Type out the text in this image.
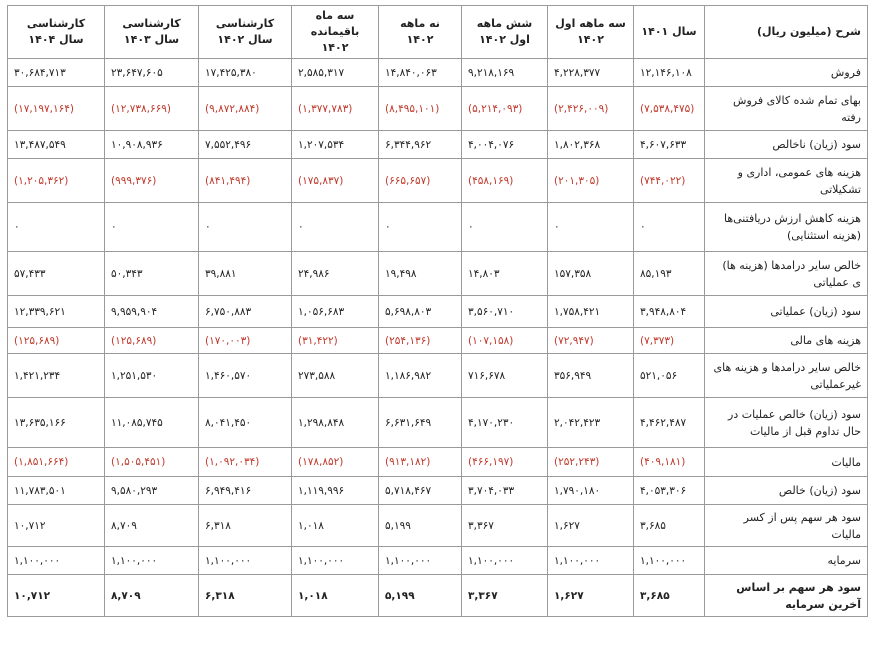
شرح (میلیون ریال)	سال ۱۴۰۱	سه ماهه اول ۱۴۰۲	شش ماهه اول ۱۴۰۲	نه ماهه ۱۴۰۲	سه ماه باقیمانده ۱۴۰۲	کارشناسی سال ۱۴۰۲	کارشناسی سال ۱۴۰۳	کارشناسی سال ۱۴۰۴
فروش	۱۲,۱۴۶,۱۰۸	۴,۲۲۸,۳۷۷	۹,۲۱۸,۱۶۹	۱۴,۸۴۰,۰۶۳	۲,۵۸۵,۳۱۷	۱۷,۴۲۵,۳۸۰	۲۳,۶۴۷,۶۰۵	۳۰,۶۸۴,۷۱۳
بهای تمام شده کالای فروش رفته	(۷,۵۳۸,۴۷۵)	(۲,۴۲۶,۰۰۹)	(۵,۲۱۴,۰۹۳)	(۸,۴۹۵,۱۰۱)	(۱,۳۷۷,۷۸۳)	(۹,۸۷۲,۸۸۴)	(۱۲,۷۳۸,۶۶۹)	(۱۷,۱۹۷,۱۶۴)
سود (زیان) ناخالص	۴,۶۰۷,۶۳۳	۱,۸۰۲,۳۶۸	۴,۰۰۴,۰۷۶	۶,۳۴۴,۹۶۲	۱,۲۰۷,۵۳۴	۷,۵۵۲,۴۹۶	۱۰,۹۰۸,۹۳۶	۱۳,۴۸۷,۵۴۹
هزینه های عمومی، اداری و تشکیلاتی	(۷۴۴,۰۲۲)	(۲۰۱,۳۰۵)	(۴۵۸,۱۶۹)	(۶۶۵,۶۵۷)	(۱۷۵,۸۳۷)	(۸۴۱,۴۹۴)	(۹۹۹,۳۷۶)	(۱,۲۰۵,۳۶۲)
هزینه کاهش ارزش دریافتنی‌ها (هزینه استثنایی)	۰	۰	۰	۰	۰	۰	۰	۰
خالص سایر درامدها (هزینه ها) ی عملیاتی	۸۵,۱۹۳	۱۵۷,۳۵۸	۱۴,۸۰۳	۱۹,۴۹۸	۲۴,۹۸۶	۳۹,۸۸۱	۵۰,۳۴۳	۵۷,۴۳۳
سود (زیان) عملیاتی	۳,۹۴۸,۸۰۴	۱,۷۵۸,۴۲۱	۳,۵۶۰,۷۱۰	۵,۶۹۸,۸۰۳	۱,۰۵۶,۶۸۳	۶,۷۵۰,۸۸۳	۹,۹۵۹,۹۰۴	۱۲,۳۳۹,۶۲۱
هزینه های مالی	(۷,۳۷۳)	(۷۲,۹۴۷)	(۱۰۷,۱۵۸)	(۲۵۴,۱۳۶)	(۳۱,۴۲۲)	(۱۷۰,۰۰۳)	(۱۲۵,۶۸۹)	(۱۲۵,۶۸۹)
خالص سایر درامدها و هزینه های غیرعملیاتی	۵۲۱,۰۵۶	۳۵۶,۹۴۹	۷۱۶,۶۷۸	۱,۱۸۶,۹۸۲	۲۷۳,۵۸۸	۱,۴۶۰,۵۷۰	۱,۲۵۱,۵۳۰	۱,۴۲۱,۲۳۴
سود (زیان) خالص عملیات در حال تداوم قبل از مالیات	۴,۴۶۲,۴۸۷	۲,۰۴۲,۴۲۳	۴,۱۷۰,۲۳۰	۶,۶۳۱,۶۴۹	۱,۲۹۸,۸۴۸	۸,۰۴۱,۴۵۰	۱۱,۰۸۵,۷۴۵	۱۳,۶۳۵,۱۶۶
مالیات	(۴۰۹,۱۸۱)	(۲۵۲,۲۴۳)	(۴۶۶,۱۹۷)	(۹۱۳,۱۸۲)	(۱۷۸,۸۵۲)	(۱,۰۹۲,۰۳۴)	(۱,۵۰۵,۴۵۱)	(۱,۸۵۱,۶۶۴)
سود (زیان) خالص	۴,۰۵۳,۳۰۶	۱,۷۹۰,۱۸۰	۳,۷۰۴,۰۳۳	۵,۷۱۸,۴۶۷	۱,۱۱۹,۹۹۶	۶,۹۴۹,۴۱۶	۹,۵۸۰,۲۹۳	۱۱,۷۸۳,۵۰۱
سود هر سهم پس از کسر مالیات	۳,۶۸۵	۱,۶۲۷	۳,۳۶۷	۵,۱۹۹	۱,۰۱۸	۶,۳۱۸	۸,۷۰۹	۱۰,۷۱۲
سرمایه	۱,۱۰۰,۰۰۰	۱,۱۰۰,۰۰۰	۱,۱۰۰,۰۰۰	۱,۱۰۰,۰۰۰	۱,۱۰۰,۰۰۰	۱,۱۰۰,۰۰۰	۱,۱۰۰,۰۰۰	۱,۱۰۰,۰۰۰
سود هر سهم بر اساس آخرین سرمایه	۳,۶۸۵	۱,۶۲۷	۳,۳۶۷	۵,۱۹۹	۱,۰۱۸	۶,۳۱۸	۸,۷۰۹	۱۰,۷۱۲
